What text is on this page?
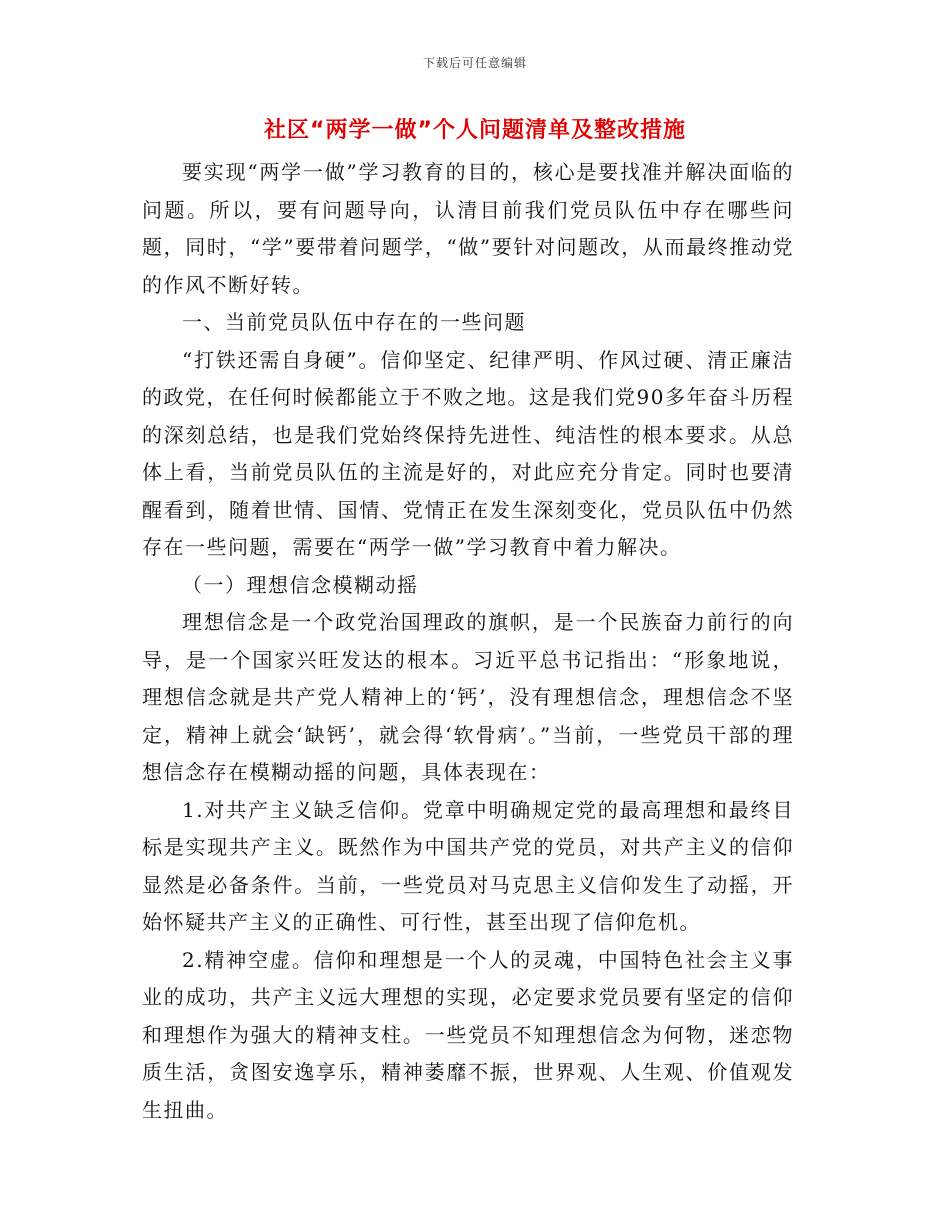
下载后可任意编辑
社区“两学一做”个人问题清单及整改措施

要实现“两学一做”学习教育的目的，核心是要找准并解决面临的问题。所以，要有问题导向，认清目前我们党员队伍中存在哪些问题，同时，“学”要带着问题学，“做”要针对问题改，从而最终推动党的作风不断好转。

一、当前党员队伍中存在的一些问题

“打铁还需自身硬”。信仰坚定、纪律严明、作风过硬、清正廉洁的政党，在任何时候都能立于不败之地。这是我们党90多年奋斗历程的深刻总结，也是我们党始终保持先进性、纯洁性的根本要求。从总体上看，当前党员队伍的主流是好的，对此应充分肯定。同时也要清醒看到，随着世情、国情、党情正在发生深刻变化，党员队伍中仍然存在一些问题，需要在“两学一做”学习教育中着力解决。

（一）理想信念模糊动摇

理想信念是一个政党治国理政的旗帜，是一个民族奋力前行的向导，是一个国家兴旺发达的根本。习近平总书记指出：“形象地说，理想信念就是共产党人精神上的‘钙’，没有理想信念，理想信念不坚定，精神上就会‘缺钙’，就会得‘软骨病’。”当前，一些党员干部的理想信念存在模糊动摇的问题，具体表现在：

1.对共产主义缺乏信仰。党章中明确规定党的最高理想和最终目标是实现共产主义。既然作为中国共产党的党员，对共产主义的信仰显然是必备条件。当前，一些党员对马克思主义信仰发生了动摇，开始怀疑共产主义的正确性、可行性，甚至出现了信仰危机。

2.精神空虚。信仰和理想是一个人的灵魂，中国特色社会主义事业的成功，共产主义远大理想的实现，必定要求党员要有坚定的信仰和理想作为强大的精神支柱。一些党员不知理想信念为何物，迷恋物质生活，贪图安逸享乐，精神萎靡不振，世界观、人生观、价值观发生扭曲。
